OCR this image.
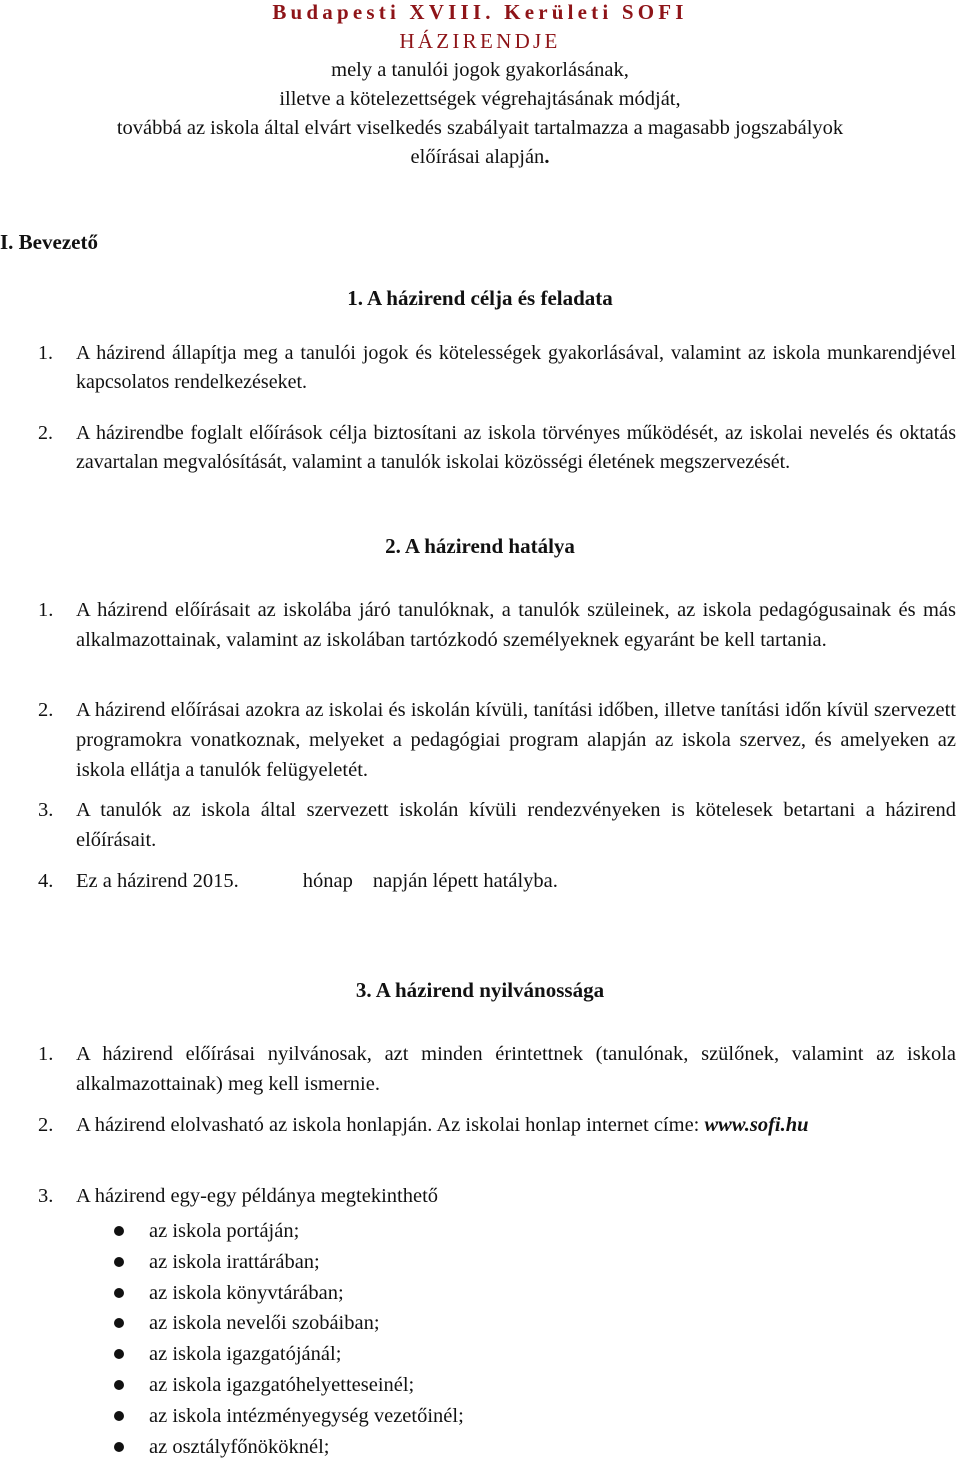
Budapesti XVIII. Kerületi SOFI
HÁZIRENDJE
mely a tanulói jogok gyakorlásának,
illetve a kötelezettségek végrehajtásának módját,
továbbá az iskola által elvárt viselkedés szabályait tartalmazza a magasabb jogszabályok
előírásai alapján.
I. Bevezető
1. A házirend célja és feladata
1. A házirend állapítja meg a tanulói jogok és kötelességek gyakorlásával, valamint az iskola munkarendjével kapcsolatos rendelkezéseket.
2. A házirendbe foglalt előírások célja biztosítani az iskola törvényes működését, az iskolai nevelés és oktatás zavartalan megvalósítását, valamint a tanulók iskolai közösségi életének megszervezését.
2. A házirend hatálya
1. A házirend előírásait az iskolába járó tanulóknak, a tanulók szüleinek, az iskola pedagógusainak és más alkalmazottainak, valamint az iskolában tartózkodó személyeknek egyaránt be kell tartania.
2. A házirend előírásai azokra az iskolai és iskolán kívüli, tanítási időben, illetve tanítási időn kívül szervezett programokra vonatkoznak, melyeket a pedagógiai program alapján az iskola szervez, és amelyeken az iskola ellátja a tanulók felügyeletét.
3. A tanulók az iskola által szervezett iskolán kívüli rendezvényeken is kötelesek betartani a házirend előírásait.
4. Ez a házirend 2015.	hónap napján lépett hatályba.
3. A házirend nyilvánossága
1. A házirend előírásai nyilvánosak, azt minden érintettnek (tanulónak, szülőnek, valamint az iskola alkalmazottainak) meg kell ismernie.
2. A házirend elolvasható az iskola honlapján. Az iskolai honlap internet címe: www.sofi.hu
3. A házirend egy-egy példánya megtekinthető
az iskola portáján;
az iskola irattárában;
az iskola könyvtárában;
az iskola nevelői szobáiban;
az iskola igazgatójánál;
az iskola igazgatóhelyetteseinél;
az iskola intézményegység vezetőinél;
az osztályfőnököknél;
